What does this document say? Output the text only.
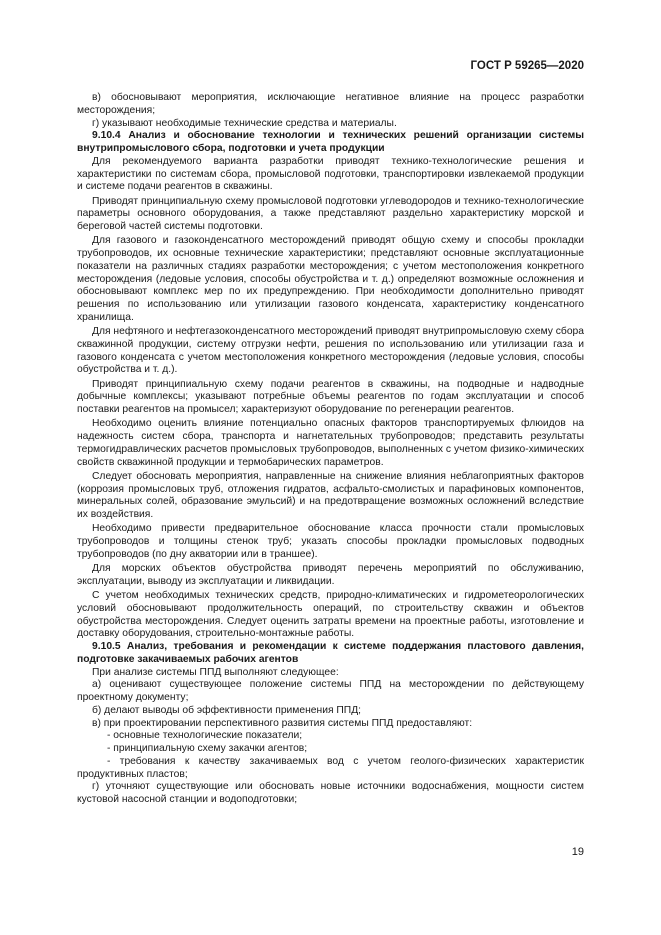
ГОСТ Р 59265—2020

в) обосновывают мероприятия, исключающие негативное влияние на процесс разработки месторождения;

г) указывают необходимые технические средства и материалы.

9.10.4 Анализ и обоснование технологии и технических решений организации системы внутрипромыслового сбора, подготовки и учета продукции

Для рекомендуемого варианта разработки приводят технико-технологические решения и характеристики по системам сбора, промысловой подготовки, транспортировки извлекаемой продукции и системе подачи реагентов в скважины.

Приводят принципиальную схему промысловой подготовки углеводородов и технико-технологические параметры основного оборудования, а также представляют раздельно характеристику морской и береговой частей системы подготовки.

Для газового и газоконденсатного месторождений приводят общую схему и способы прокладки трубопроводов, их основные технические характеристики; представляют основные эксплуатационные показатели на различных стадиях разработки месторождения; с учетом местоположения конкретного месторождения (ледовые условия, способы обустройства и т. д.) определяют возможные осложнения и обосновывают комплекс мер по их предупреждению. При необходимости дополнительно приводят решения по использованию или утилизации газового конденсата, характеристику конденсатного хранилища.

Для нефтяного и нефтегазоконденсатного месторождений приводят внутрипромысловую схему сбора скважинной продукции, систему отгрузки нефти, решения по использованию или утилизации газа и газового конденсата с учетом местоположения конкретного месторождения (ледовые условия, способы обустройства и т. д.).

Приводят принципиальную схему подачи реагентов в скважины, на подводные и надводные добычные комплексы; указывают потребные объемы реагентов по годам эксплуатации и способ поставки реагентов на промысел; характеризуют оборудование по регенерации реагентов.

Необходимо оценить влияние потенциально опасных факторов транспортируемых флюидов на надежность систем сбора, транспорта и нагнетательных трубопроводов; представить результаты термогидравлических расчетов промысловых трубопроводов, выполненных с учетом физико-химических свойств скважинной продукции и термобарических параметров.

Следует обосновать мероприятия, направленные на снижение влияния неблагоприятных факторов (коррозия промысловых труб, отложения гидратов, асфальто-смолистых и парафиновых компонентов, минеральных солей, образование эмульсий) и на предотвращение возможных осложнений вследствие их воздействия.

Необходимо привести предварительное обоснование класса прочности стали промысловых трубопроводов и толщины стенок труб; указать способы прокладки промысловых подводных трубопроводов (по дну акватории или в траншее).

Для морских объектов обустройства приводят перечень мероприятий по обслуживанию, эксплуатации, выводу из эксплуатации и ликвидации.

С учетом необходимых технических средств, природно-климатических и гидрометеорологических условий обосновывают продолжительность операций, по строительству скважин и объектов обустройства месторождения. Следует оценить затраты времени на проектные работы, изготовление и доставку оборудования, строительно-монтажные работы.

9.10.5 Анализ, требования и рекомендации к системе поддержания пластового давления, подготовке закачиваемых рабочих агентов

При анализе системы ППД выполняют следующее:

а) оценивают существующее положение системы ППД на месторождении по действующему проектному документу;

б) делают выводы об эффективности применения ППД;

в) при проектировании перспективного развития системы ППД предоставляют:

- основные технологические показатели;

- принципиальную схему закачки агентов;

- требования к качеству закачиваемых вод с учетом геолого-физических характеристик продуктивных пластов;

г) уточняют существующие или обосновать новые источники водоснабжения, мощности систем кустовой насосной станции и водоподготовки;

19
